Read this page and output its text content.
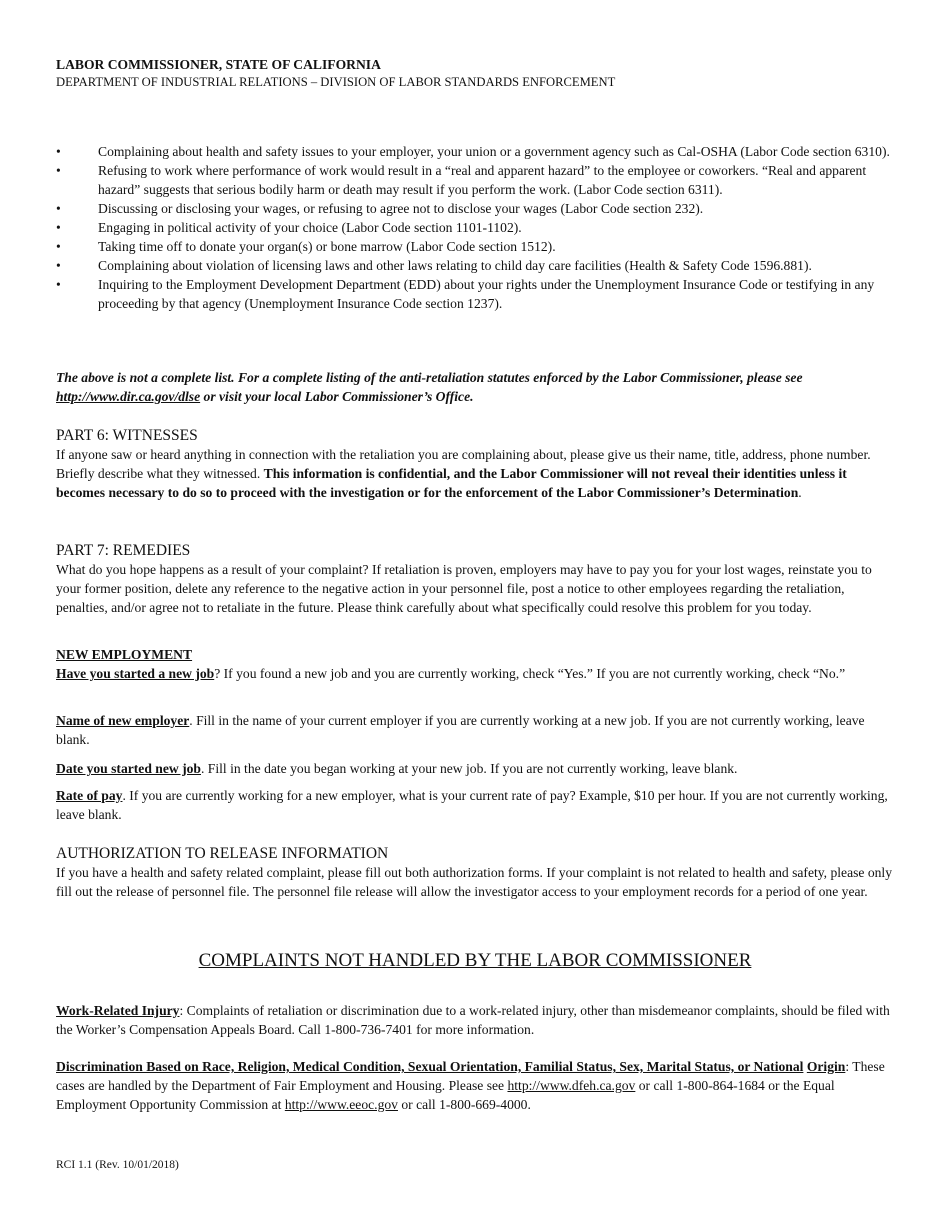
LABOR COMMISSIONER, STATE OF CALIFORNIA
DEPARTMENT OF INDUSTRIAL RELATIONS – DIVISION OF LABOR STANDARDS ENFORCEMENT
•	Complaining about health and safety issues to your employer, your union or a government agency such as Cal-OSHA (Labor Code section 6310).
•	Refusing to work where performance of work would result in a “real and apparent hazard” to the employee or coworkers. “Real and apparent hazard” suggests that serious bodily harm or death may result if you perform the work. (Labor Code section 6311).
•	Discussing or disclosing your wages, or refusing to agree not to disclose your wages (Labor Code section 232).
•	Engaging in political activity of your choice (Labor Code section 1101-1102).
•	Taking time off to donate your organ(s) or bone marrow (Labor Code section 1512).
•	Complaining about violation of licensing laws and other laws relating to child day care facilities (Health & Safety Code 1596.881).
•	Inquiring to the Employment Development Department (EDD) about your rights under the Unemployment Insurance Code or testifying in any proceeding by that agency (Unemployment Insurance Code section 1237).

The above is not a complete list. For a complete listing of the anti-retaliation statutes enforced by the Labor Commissioner, please see http://www.dir.ca.gov/dlse or visit your local Labor Commissioner’s Office.

PART 6: WITNESSES

If anyone saw or heard anything in connection with the retaliation you are complaining about, please give us their name, title, address, phone number. Briefly describe what they witnessed. This information is confidential, and the Labor Commissioner will not reveal their identities unless it becomes necessary to do so to proceed with the investigation or for the enforcement of the Labor Commissioner’s Determination.

PART 7: REMEDIES

What do you hope happens as a result of your complaint? If retaliation is proven, employers may have to pay you for your lost wages, reinstate you to your former position, delete any reference to the negative action in your personnel file, post a notice to other employees regarding the retaliation, penalties, and/or agree not to retaliate in the future. Please think carefully about what specifically could resolve this problem for you today.

NEW EMPLOYMENT

Have you started a new job? If you found a new job and you are currently working, check “Yes.” If you are not currently working, check “No.”

Name of new employer. Fill in the name of your current employer if you are currently working at a new job. If you are not currently working, leave blank.

Date you started new job. Fill in the date you began working at your new job. If you are not currently working, leave blank.

Rate of pay. If you are currently working for a new employer, what is your current rate of pay? Example, $10 per hour. If you are not currently working, leave blank.

AUTHORIZATION TO RELEASE INFORMATION

If you have a health and safety related complaint, please fill out both authorization forms. If your complaint is not related to health and safety, please only fill out the release of personnel file. The personnel file release will allow the investigator access to your employment records for a period of one year.

COMPLAINTS NOT HANDLED BY THE LABOR COMMISSIONER

Work-Related Injury: Complaints of retaliation or discrimination due to a work-related injury, other than misdemeanor complaints, should be filed with the Worker’s Compensation Appeals Board. Call 1-800-736-7401 for more information.

Discrimination Based on Race, Religion, Medical Condition, Sexual Orientation, Familial Status, Sex, Marital Status, or National Origin: These cases are handled by the Department of Fair Employment and Housing. Please see http://www.dfeh.ca.gov or call 1-800-864-1684 or the Equal Employment Opportunity Commission at http://www.eeoc.gov or call 1-800-669-4000.

RCI 1.1 (Rev. 10/01/2018)
